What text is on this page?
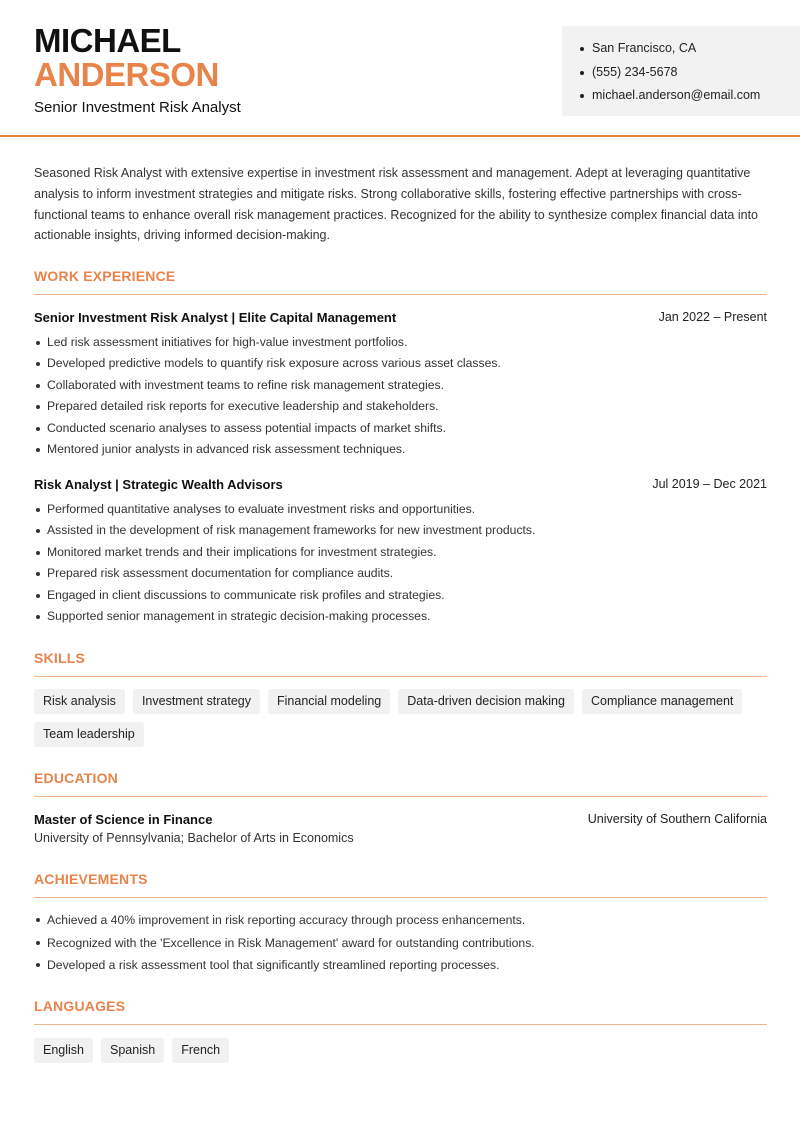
MICHAEL
ANDERSON
Senior Investment Risk Analyst
San Francisco, CA
(555) 234-5678
michael.anderson@email.com
Seasoned Risk Analyst with extensive expertise in investment risk assessment and management. Adept at leveraging quantitative analysis to inform investment strategies and mitigate risks. Strong collaborative skills, fostering effective partnerships with cross-functional teams to enhance overall risk management practices. Recognized for the ability to synthesize complex financial data into actionable insights, driving informed decision-making.
WORK EXPERIENCE
Senior Investment Risk Analyst | Elite Capital Management	Jan 2022 – Present
Led risk assessment initiatives for high-value investment portfolios.
Developed predictive models to quantify risk exposure across various asset classes.
Collaborated with investment teams to refine risk management strategies.
Prepared detailed risk reports for executive leadership and stakeholders.
Conducted scenario analyses to assess potential impacts of market shifts.
Mentored junior analysts in advanced risk assessment techniques.
Risk Analyst | Strategic Wealth Advisors	Jul 2019 – Dec 2021
Performed quantitative analyses to evaluate investment risks and opportunities.
Assisted in the development of risk management frameworks for new investment products.
Monitored market trends and their implications for investment strategies.
Prepared risk assessment documentation for compliance audits.
Engaged in client discussions to communicate risk profiles and strategies.
Supported senior management in strategic decision-making processes.
SKILLS
Risk analysis	Investment strategy	Financial modeling	Data-driven decision making	Compliance management
Team leadership
EDUCATION
Master of Science in Finance	University of Southern California
University of Pennsylvania; Bachelor of Arts in Economics
ACHIEVEMENTS
Achieved a 40% improvement in risk reporting accuracy through process enhancements.
Recognized with the 'Excellence in Risk Management' award for outstanding contributions.
Developed a risk assessment tool that significantly streamlined reporting processes.
LANGUAGES
English	Spanish	French
